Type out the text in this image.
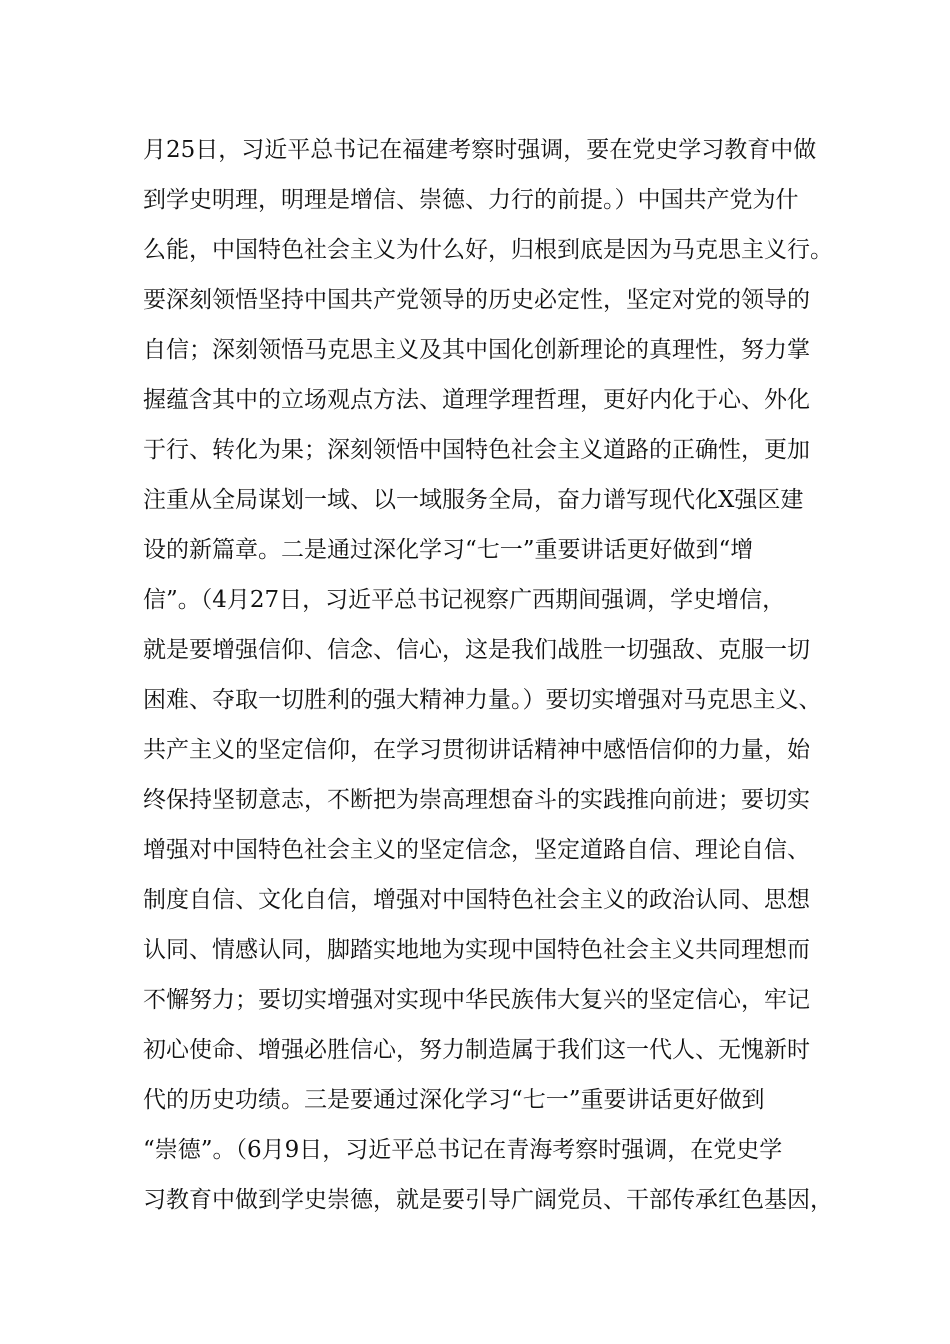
月25日，习近平总书记在福建考察时强调，要在党史学习教育中做
到学史明理，明理是增信、崇德、力行的前提。）中国共产党为什
么能，中国特色社会主义为什么好，归根到底是因为马克思主义行。
要深刻领悟坚持中国共产党领导的历史必定性，坚定对党的领导的
自信；深刻领悟马克思主义及其中国化创新理论的真理性，努力掌
握蕴含其中的立场观点方法、道理学理哲理，更好内化于心、外化
于行、转化为果；深刻领悟中国特色社会主义道路的正确性，更加
注重从全局谋划一域、以一域服务全局，奋力谱写现代化X强区建
设的新篇章。二是通过深化学习“七一”重要讲话更好做到“增
信”。（4月27日，习近平总书记视察广西期间强调，学史增信，
就是要增强信仰、信念、信心，这是我们战胜一切强敌、克服一切
困难、夺取一切胜利的强大精神力量。）要切实增强对马克思主义、
共产主义的坚定信仰，在学习贯彻讲话精神中感悟信仰的力量，始
终保持坚韧意志，不断把为崇高理想奋斗的实践推向前进；要切实
增强对中国特色社会主义的坚定信念，坚定道路自信、理论自信、
制度自信、文化自信，增强对中国特色社会主义的政治认同、思想
认同、情感认同，脚踏实地地为实现中国特色社会主义共同理想而
不懈努力；要切实增强对实现中华民族伟大复兴的坚定信心，牢记
初心使命、增强必胜信心，努力制造属于我们这一代人、无愧新时
代的历史功绩。三是要通过深化学习“七一”重要讲话更好做到
“崇德”。（6月9日，习近平总书记在青海考察时强调，在党史学
习教育中做到学史崇德，就是要引导广阔党员、干部传承红色基因，
